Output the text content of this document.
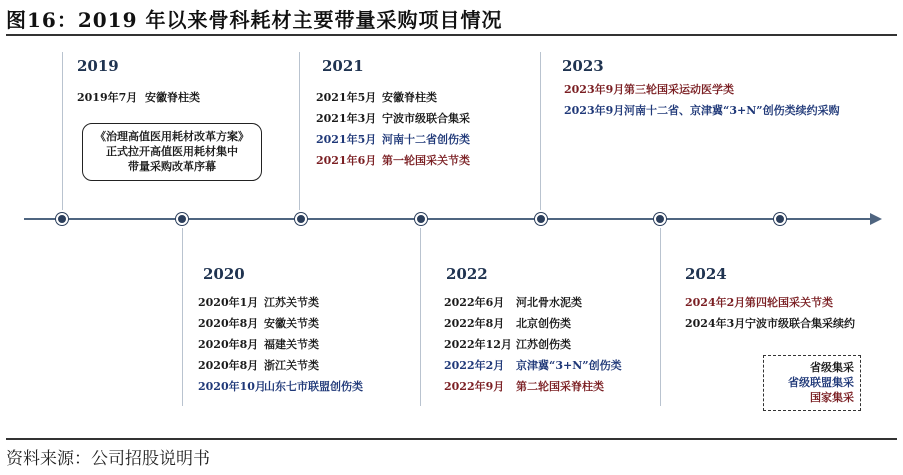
图16：2019 年以来骨科耗材主要带量采购项目情况
2019
2019年7月 安徽脊柱类
《治理高值医用耗材改革方案》
正式拉开高值医用耗材集中
带量采购改革序幕
2021
2021年5月 安徽脊柱类
2021年3月 宁波市级联合集采
2021年5月 河南十二省创伤类
2021年6月 第一轮国采关节类
2023
2023年9月第三轮国采运动医学类
2023年9月河南十二省、京津冀“3+N”创伤类续约采购
2020
2020年1月 江苏关节类
2020年8月 安徽关节类
2020年8月 福建关节类
2020年8月 浙江关节类
2020年10月山东七市联盟创伤类
2022
2022年6月 河北骨水泥类
2022年8月 北京创伤类
2022年12月 江苏创伤类
2022年2月 京津冀“3+N”创伤类
2022年9月 第二轮国采脊柱类
2024
2024年2月第四轮国采关节类
2024年3月宁波市级联合集采续约
省级集采
省级联盟集采
国家集采
资料来源：公司招股说明书
